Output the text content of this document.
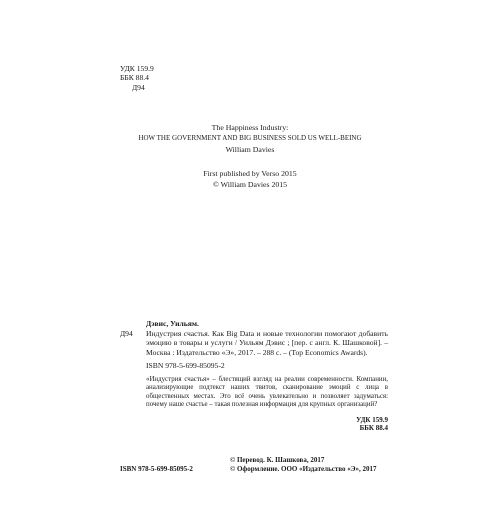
УДК 159.9
ББК 88.4
Д94
The Happiness Industry:
HOW THE GOVERNMENT AND BIG BUSINESS SOLD US WELL-BEING
William Davies
First published by Verso 2015
© William Davies 2015
Дэвис, Уильям.
Д94	Индустрия счастья. Как Big Data и новые технологии помогают добавить эмоцию в товары и услуги / Уильям Дэвис ; [пер. с англ. К. Шашковой]. – Москва : Издательство «Э», 2017. – 288 с. – (Top Economics Awards).
ISBN 978-5-699-85095-2
«Индустрия счастья» – блестящий взгляд на реалии современности. Компании, анализирующие подтекст наших твитов, сканирование эмоций с лица в общественных местах. Это всё очень увлекательно и позволяет задуматься: почему наше счастье – такая полезная информация для крупных организаций?
УДК 159.9
ББК 88.4
ISBN 978-5-699-85095-2
© Перевод. К. Шашкова, 2017
© Оформление. ООО «Издательство «Э», 2017
